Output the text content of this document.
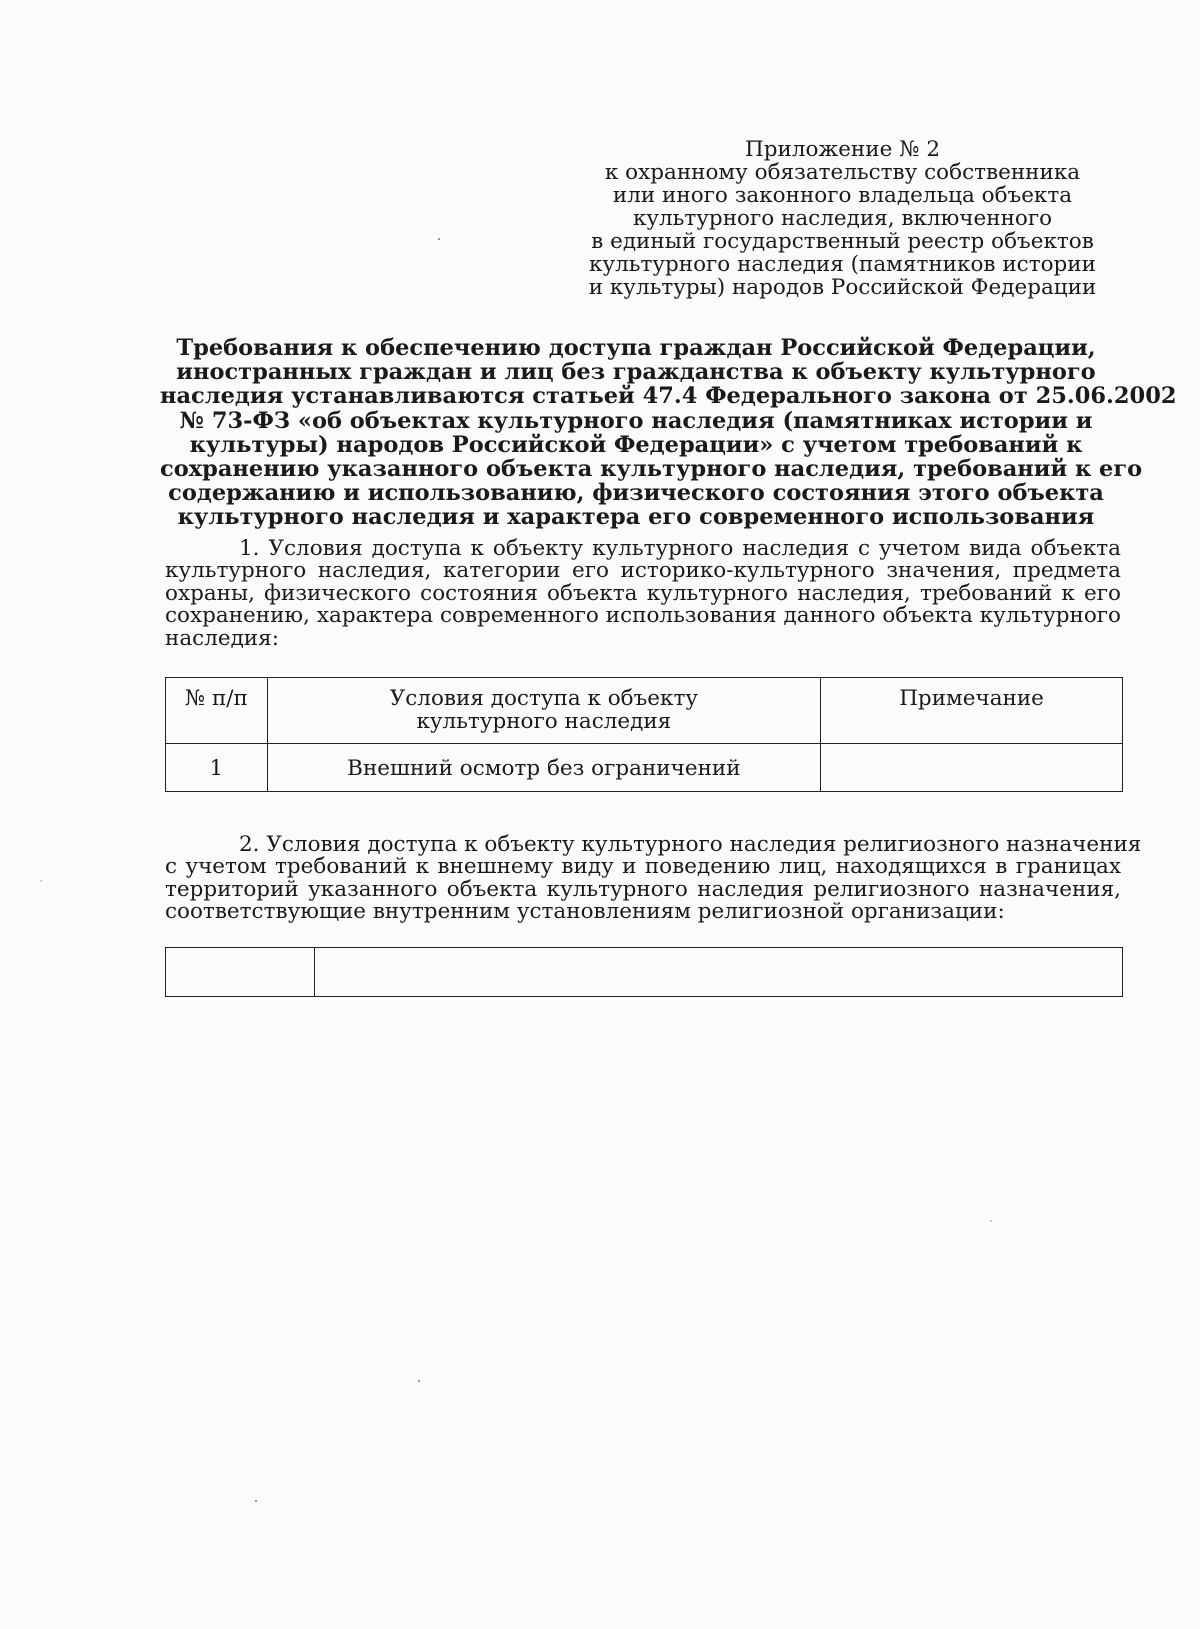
Приложение № 2
к охранному обязательству собственника
или иного законного владельца объекта
культурного наследия, включенного
в единый государственный реестр объектов
культурного наследия (памятников истории
и культуры) народов Российской Федерации
Требования к обеспечению доступа граждан Российской Федерации,
иностранных граждан и лиц без гражданства к объекту культурного
наследия устанавливаются статьей 47.4 Федерального закона от 25.06.2002
№ 73-ФЗ «об объектах культурного наследия (памятниках истории и
культуры) народов Российской Федерации» с учетом требований к
сохранению указанного объекта культурного наследия, требований к его
содержанию и использованию, физического состояния этого объекта
культурного наследия и характера его современного использования
1. Условия доступа к объекту культурного наследия с учетом вида объекта
культурного наследия, категории его историко-культурного значения, предмета
охраны, физического состояния объекта культурного наследия, требований к его
сохранению, характера современного использования данного объекта культурного
наследия:
№ п/п	Условия доступа к объекту культурного наследия	Примечание
1	Внешний осмотр без ограничений	
2. Условия доступа к объекту культурного наследия религиозного назначения
с учетом требований к внешнему виду и поведению лиц, находящихся в границах
территорий указанного объекта культурного наследия религиозного назначения,
соответствующие внутренним установлениям религиозной организации:
